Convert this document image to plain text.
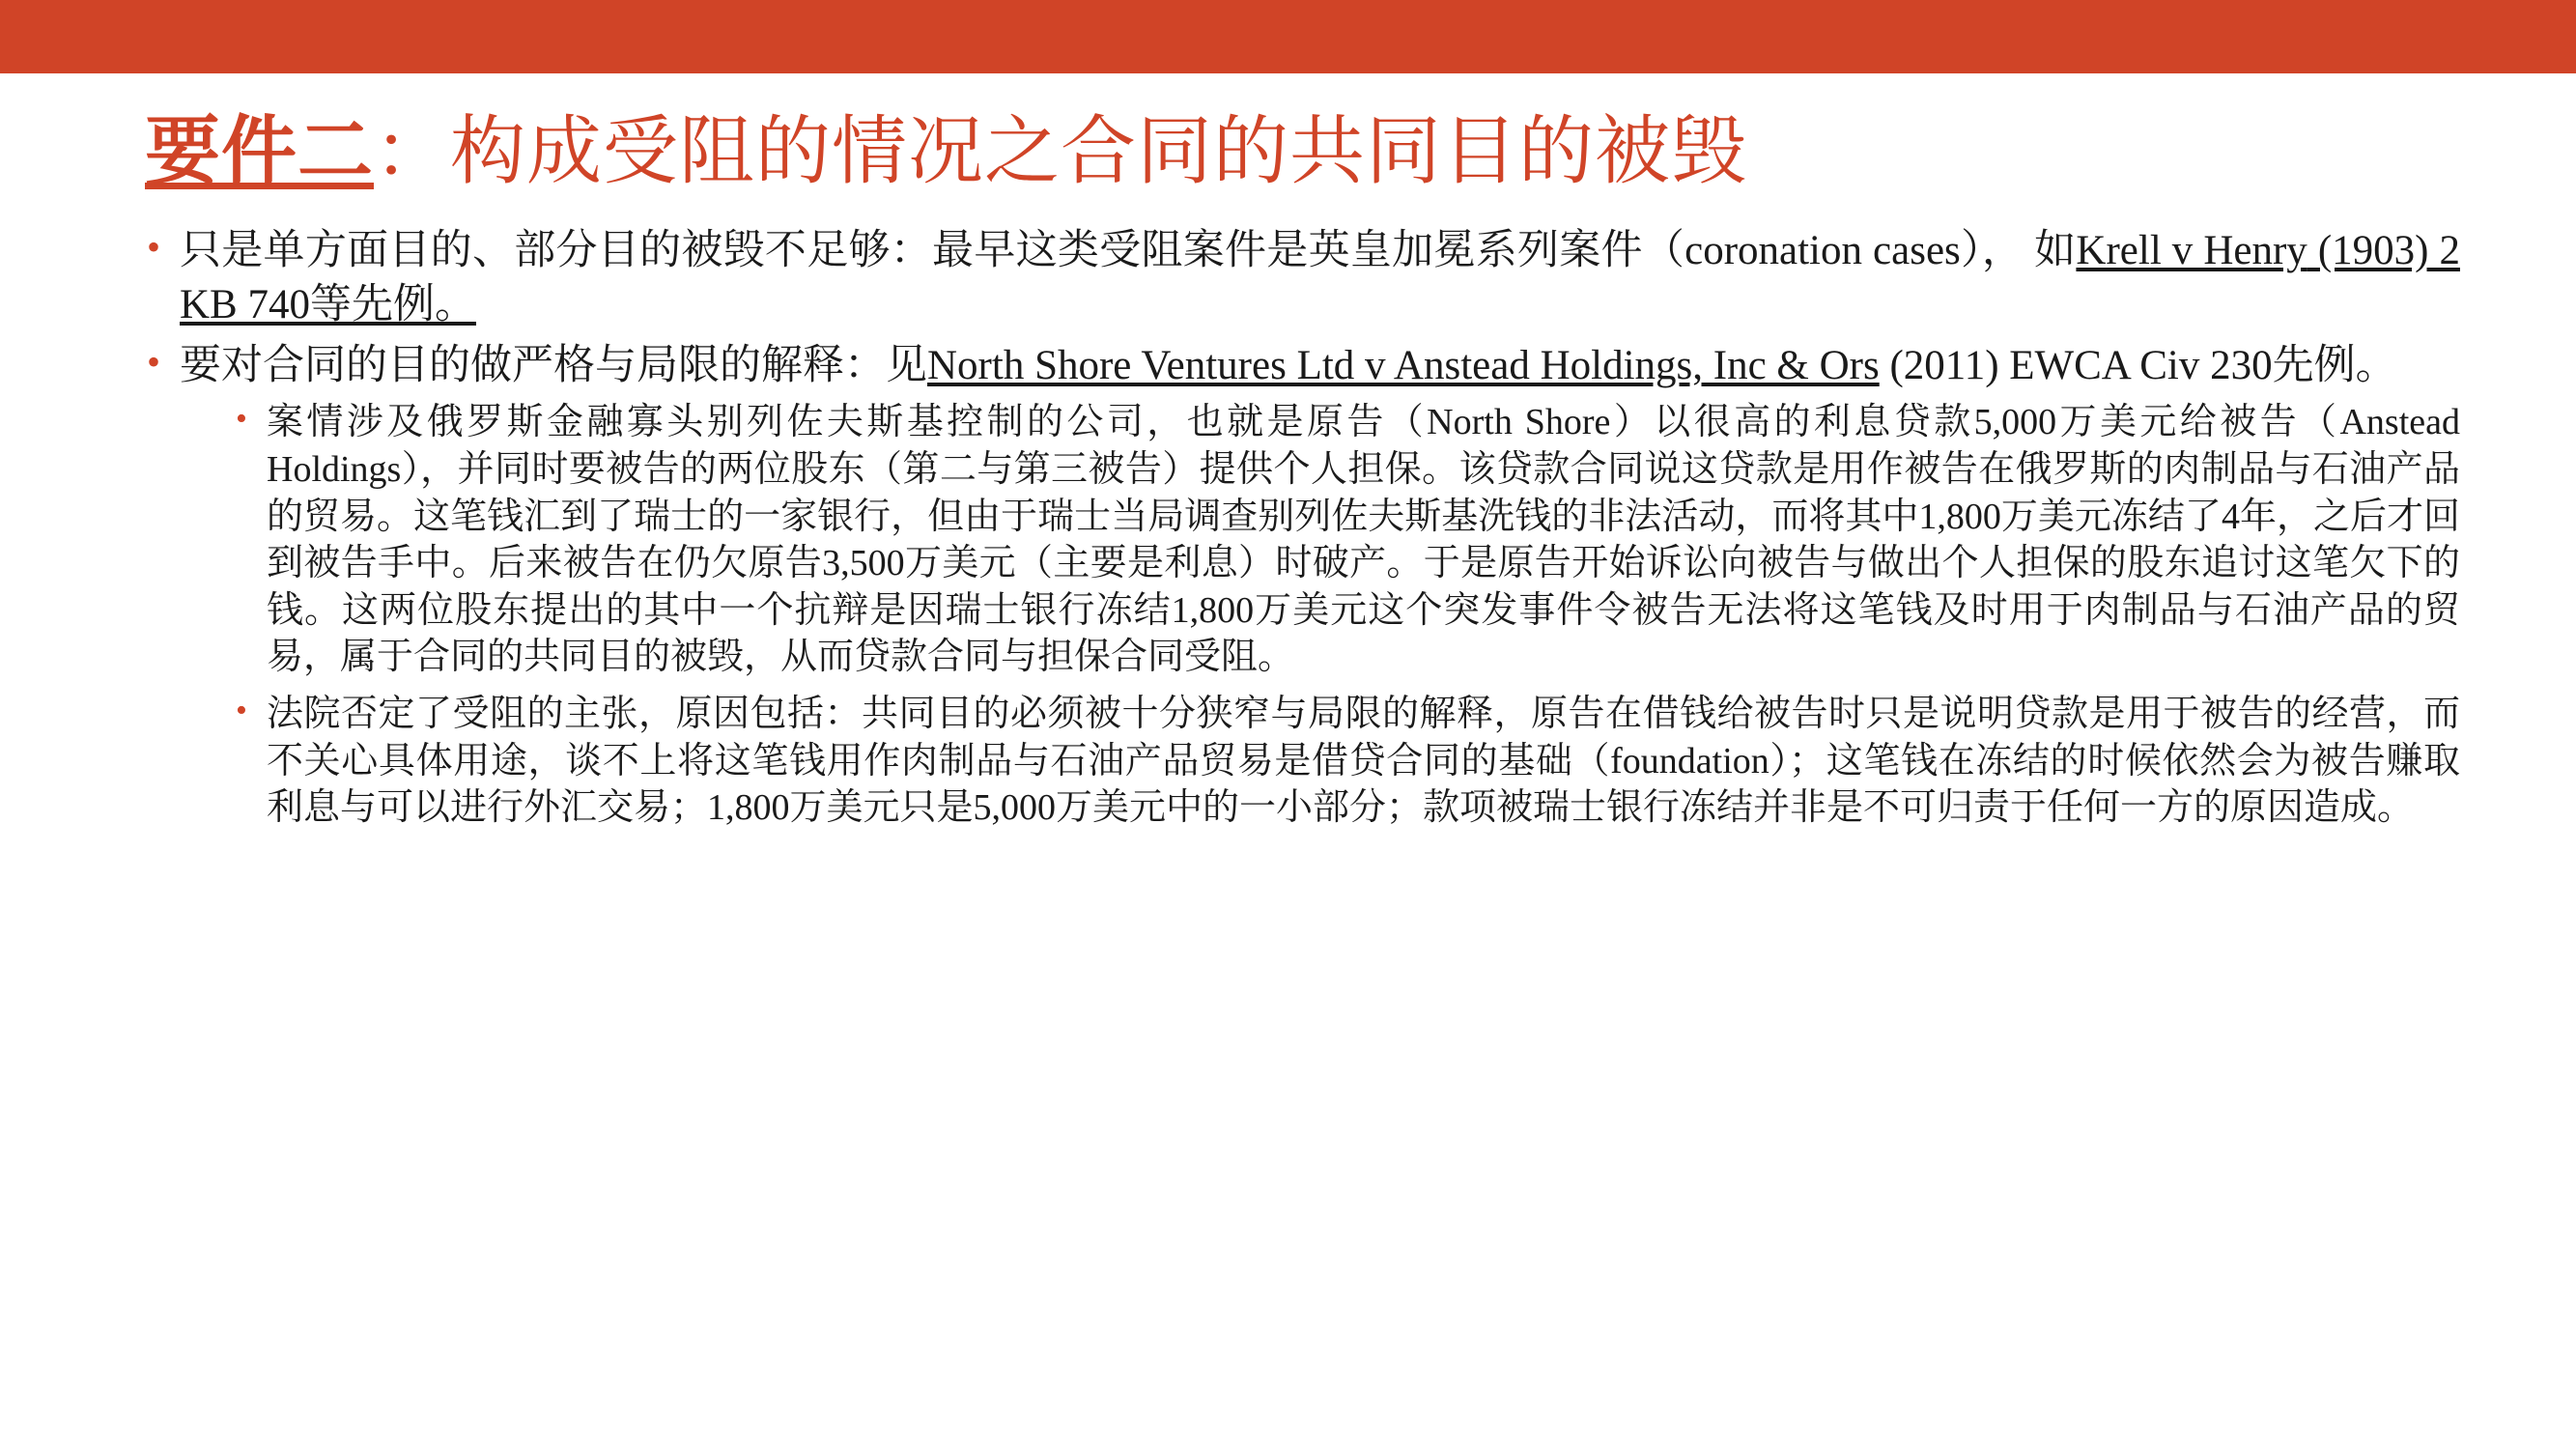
要件二：构成受阻的情况之合同的共同目的被毁
• 只是单方面目的、部分目的被毁不足够：最早这类受阻案件是英皇加冕系列案件（coronation cases）， 如Krell v Henry (1903) 2 KB 740等先例。
• 要对合同的目的做严格与局限的解释：见North Shore Ventures Ltd v Anstead Holdings, Inc & Ors (2011) EWCA Civ 230先例。
• 案情涉及俄罗斯金融寡头别列佐夫斯基控制的公司，也就是原告（North Shore）以很高的利息贷款5,000万美元给被告（Anstead Holdings），并同时要被告的两位股东（第二与第三被告）提供个人担保。该贷款合同说这贷款是用作被告在俄罗斯的肉制品与石油产品的贸易。这笔钱汇到了瑞士的一家银行，但由于瑞士当局调查别列佐夫斯基洗钱的非法活动，而将其中1,800万美元冻结了4年，之后才回到被告手中。后来被告在仍欠原告3,500万美元（主要是利息）时破产。于是原告开始诉讼向被告与做出个人担保的股东追讨这笔欠下的钱。这两位股东提出的其中一个抗辩是因瑞士银行冻结1,800万美元这个突发事件令被告无法将这笔钱及时用于肉制品与石油产品的贸易，属于合同的共同目的被毁，从而贷款合同与担保合同受阻。
• 法院否定了受阻的主张，原因包括：共同目的必须被十分狭窄与局限的解释，原告在借钱给被告时只是说明贷款是用于被告的经营，而不关心具体用途，谈不上将这笔钱用作肉制品与石油产品贸易是借贷合同的基础（foundation）；这笔钱在冻结的时候依然会为被告赚取利息与可以进行外汇交易；1,800万美元只是5,000万美元中的一小部分；款项被瑞士银行冻结并非是不可归责于任何一方的原因造成。
